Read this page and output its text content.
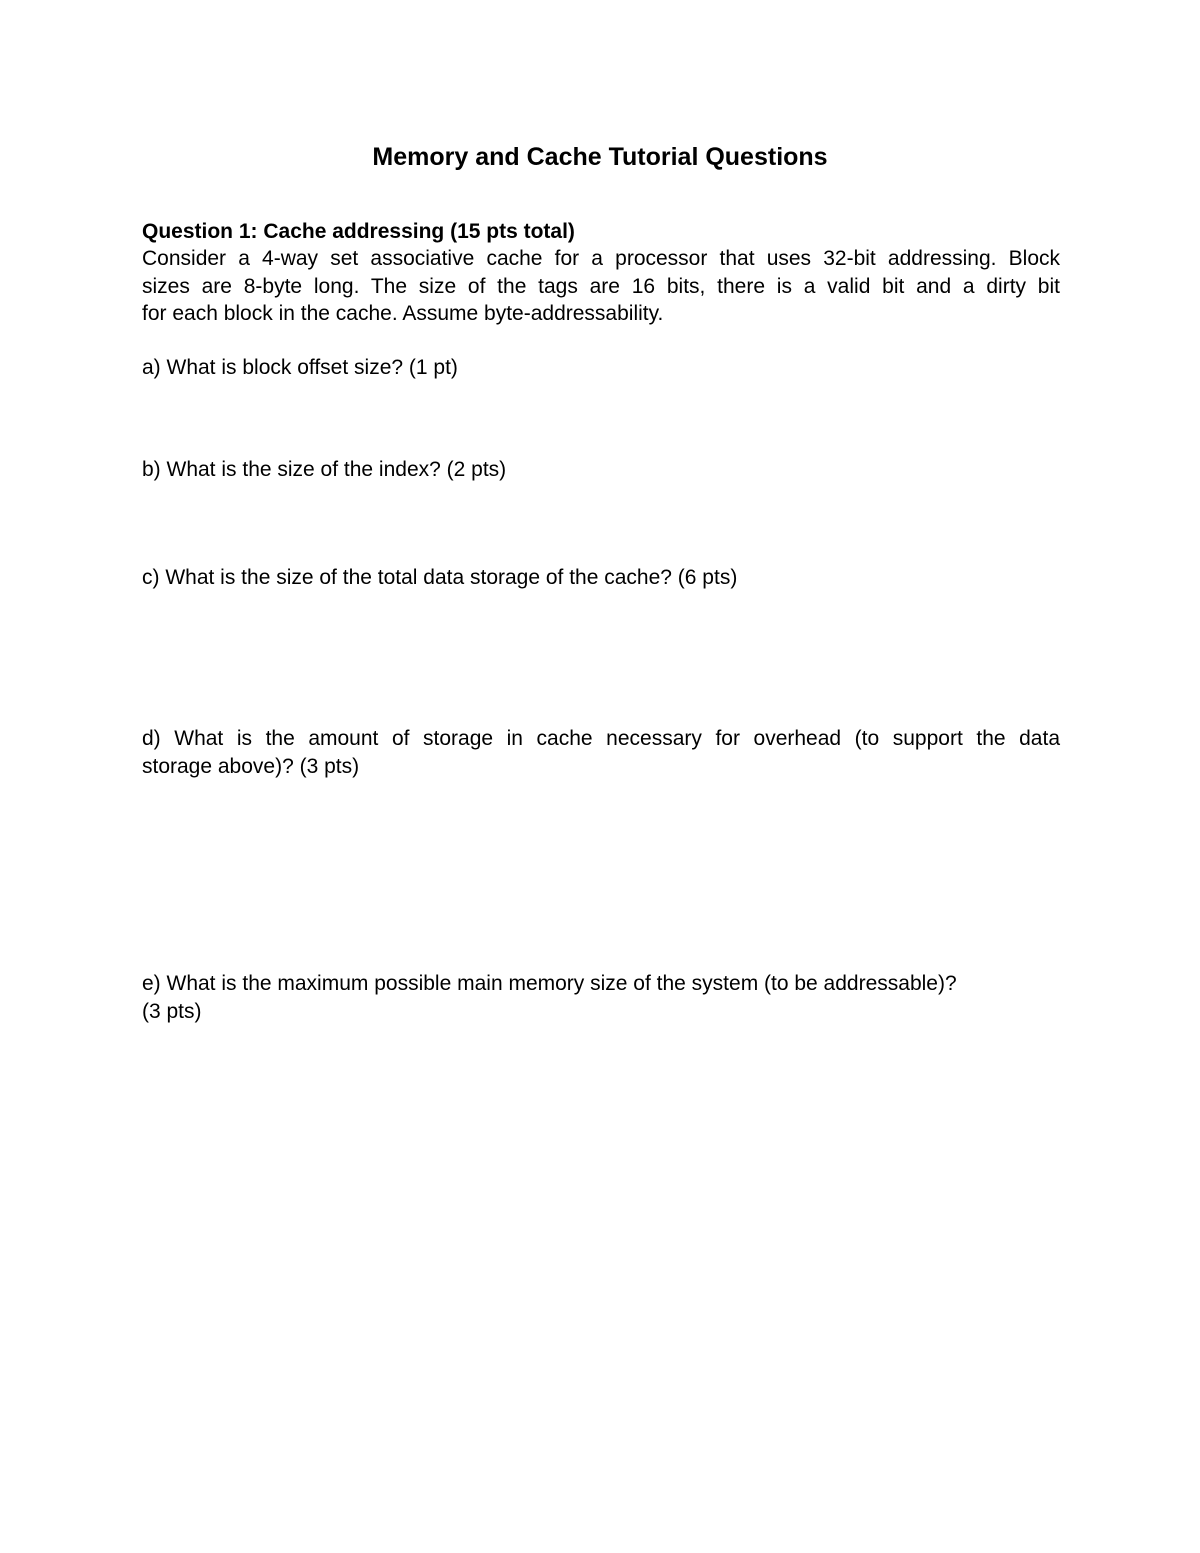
Memory and Cache Tutorial Questions

Question 1: Cache addressing (15 pts total)

Consider a 4-way set associative cache for a processor that uses 32-bit addressing. Block
sizes are 8-byte long. The size of the tags are 16 bits, there is a valid bit and a dirty bit
for each block in the cache. Assume byte-addressability.

a) What is block offset size? (1 pt)

b) What is the size of the index? (2 pts)

c) What is the size of the total data storage of the cache? (6 pts)

d) What is the amount of storage in cache necessary for overhead (to support the data
storage above)? (3 pts)

e) What is the maximum possible main memory size of the system (to be addressable)?
(3 pts)
